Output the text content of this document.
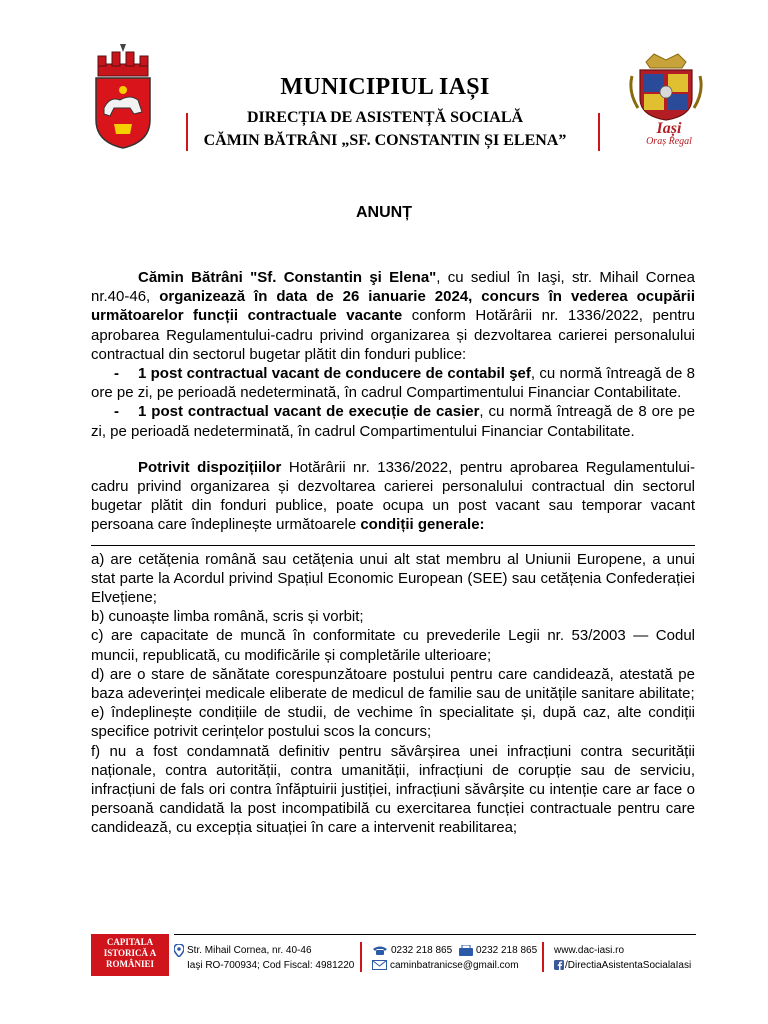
MUNICIPIUL IAȘI
DIRECȚIA DE ASISTENȚĂ SOCIALĂ
CĂMIN BĂTRÂNI „SF. CONSTANTIN ȘI ELENA”
Iași
Oraș Regal
ANUNȚ

Cămin Bătrâni "Sf. Constantin şi Elena", cu sediul în Iaşi, str. Mihail Cornea nr.40-46, organizează în data de 26 ianuarie 2024, concurs în vederea ocupării următoarelor funcții contractuale vacante conform Hotărârii nr. 1336/2022, pentru aprobarea Regulamentului-cadru privind organizarea și dezvoltarea carierei personalului contractual din sectorul bugetar plătit din fonduri publice:

- 1 post contractual vacant de conducere de contabil şef, cu normă întreagă de 8 ore pe zi, pe perioadă nedeterminată, în cadrul Compartimentului Financiar Contabilitate.

- 1 post contractual vacant de execuție de casier, cu normă întreagă de 8 ore pe zi, pe perioadă nedeterminată, în cadrul Compartimentului Financiar Contabilitate.

Potrivit dispozițiilor Hotărârii nr. 1336/2022, pentru aprobarea Regulamentului-cadru privind organizarea și dezvoltarea carierei personalului contractual din sectorul bugetar plătit din fonduri publice, poate ocupa un post vacant sau temporar vacant persoana care îndeplinește următoarele condiții generale:

a) are cetățenia română sau cetățenia unui alt stat membru al Uniunii Europene, a unui stat parte la Acordul privind Spațiul Economic European (SEE) sau cetățenia Confederației Elvețiene;

b) cunoaște limba română, scris și vorbit;

c) are capacitate de muncă în conformitate cu prevederile Legii nr. 53/2003 — Codul muncii, republicată, cu modificările și completările ulterioare;

d) are o stare de sănătate corespunzătoare postului pentru care candidează, atestată pe baza adeverinței medicale eliberate de medicul de familie sau de unitățile sanitare abilitate;

e) îndeplinește condițiile de studii, de vechime în specialitate și, după caz, alte condiții specifice potrivit cerințelor postului scos la concurs;

f) nu a fost condamnată definitiv pentru săvârșirea unei infracțiuni contra securității naționale, contra autorității, contra umanității, infracțiuni de corupție sau de serviciu, infracțiuni de fals ori contra înfăptuirii justiției, infracțiuni săvârșite cu intenție care ar face o persoană candidată la post incompatibilă cu exercitarea funcției contractuale pentru care candidează, cu excepția situației în care a intervenit reabilitarea;

CAPITALA
ISTORICĂ A
ROMÂNIEI
Str. Mihail Cornea, nr. 40-46
Iaşi RO-700934; Cod Fiscal: 4981220
0232 218 865 0232 218 865
caminbatranicse@gmail.com
www.dac-iasi.ro
/DirectiaAsistentaSocialaIasi
